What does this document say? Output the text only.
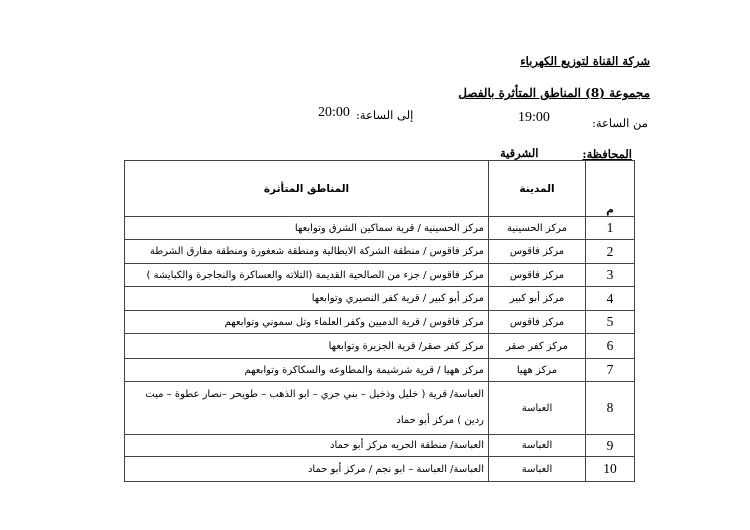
شركة القناة لتوزيع الكهرباء
مجموعة (8) المناطق المتأثرة بالفصل
من الساعة:
19:00
إلى الساعة:
20:00
المحافظة:
الشرقية
م	المدينة	المناطق المتأثرة
1	مركز الحسينية	مركز الحسينية / قرية سماكين الشرق وتوابعها
2	مركز فاقوس	مركز فاقوس / منطقة الشركة الايطالية ومنطقة شعغورة ومنطقة مفارق الشرطة
3	مركز فاقوس	مركز فاقوس / جزء من الصالحية القديمة (التلاته والعساكرة والنجاجرة والكبايشة )
4	مركز أبو كبير	مركز أبو كبير / قرية كفر النصيري وتوابعها
5	مركز فاقوس	مركز فاقوس / قرية الدميين وكفر العلماء وتل سموني وتوابعهم
6	مركز كفر صقر	مركز كفر صقر/ قرية الجزيرة وتوابعها
7	مركز ههيا	مركز ههيا / قرية شرشيمة والمطاوعه والسكاكرة وتوابعهم
8	العباسة	العباسة/ قرية ( خليل وذخيل – بني جري – ابو الذهب – طويحر –نصار عطوة – ميت ردين ) مركز أبو حماد
9	العباسة	العباسة/ منطقة الحريه مركز أبو حماد
10	العباسة	العباسة/ العباسة – ابو نجم / مركز أبو حماد
